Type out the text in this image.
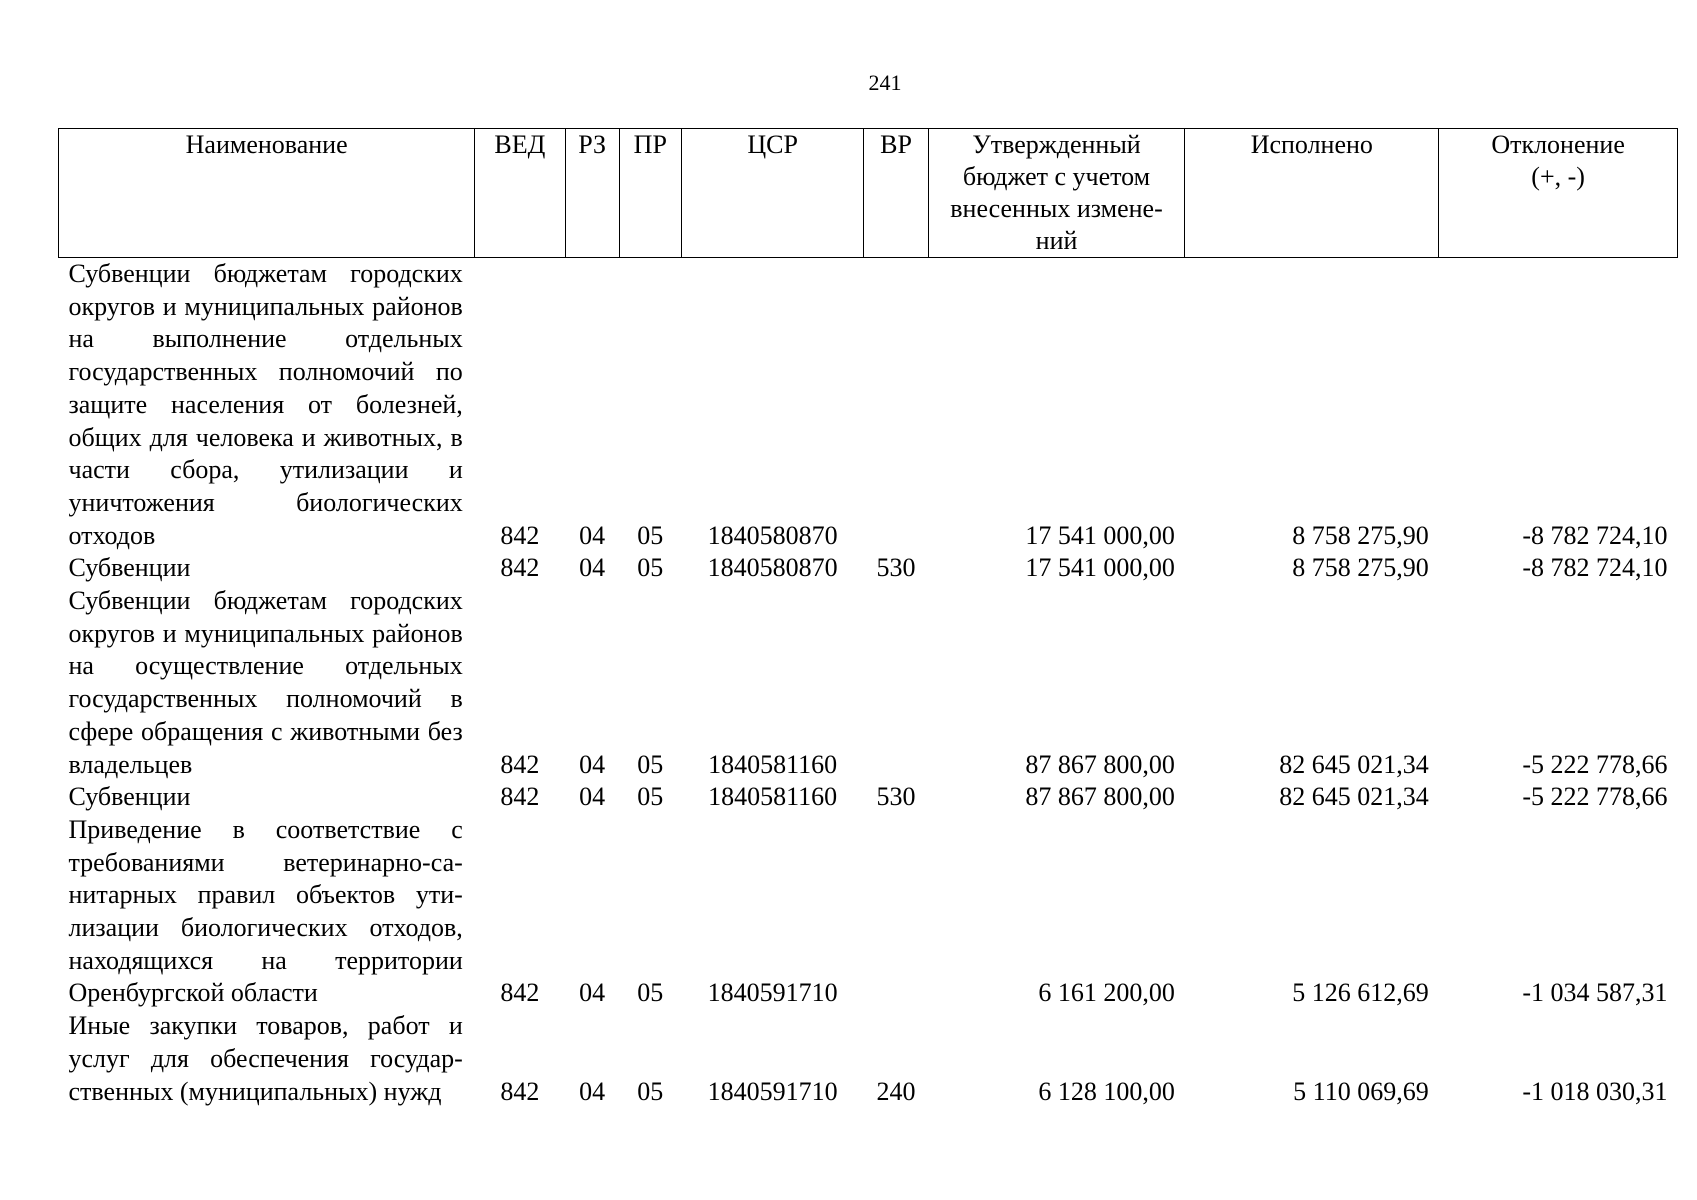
241
Наименование	ВЕД	РЗ	ПР	ЦСР	ВР	Утвержденный бюджет с учетом внесенных изменений	Исполнено	Отклонение (+, -)
Субвенции бюджетам городских округов и муниципальных районов на выполнение отдельных государственных полномочий по защите населения от болезней, общих для человека и животных, в части сбора, утилизации и уничтожения биологических отходов	842	04	05	1840580870		17 541 000,00	8 758 275,90	-8 782 724,10
Субвенции	842	04	05	1840580870	530	17 541 000,00	8 758 275,90	-8 782 724,10
Субвенции бюджетам городских округов и муниципальных районов на осуществление отдельных государственных полномочий в сфере обращения с животными без владельцев	842	04	05	1840581160		87 867 800,00	82 645 021,34	-5 222 778,66
Субвенции	842	04	05	1840581160	530	87 867 800,00	82 645 021,34	-5 222 778,66
Приведение в соответствие с требованиями ветеринарно-санитарных правил объектов утилизации биологических отходов, находящихся на территории Оренбургской области	842	04	05	1840591710		6 161 200,00	5 126 612,69	-1 034 587,31
Иные закупки товаров, работ и услуг для обеспечения государственных (муниципальных) нужд	842	04	05	1840591710	240	6 128 100,00	5 110 069,69	-1 018 030,31
